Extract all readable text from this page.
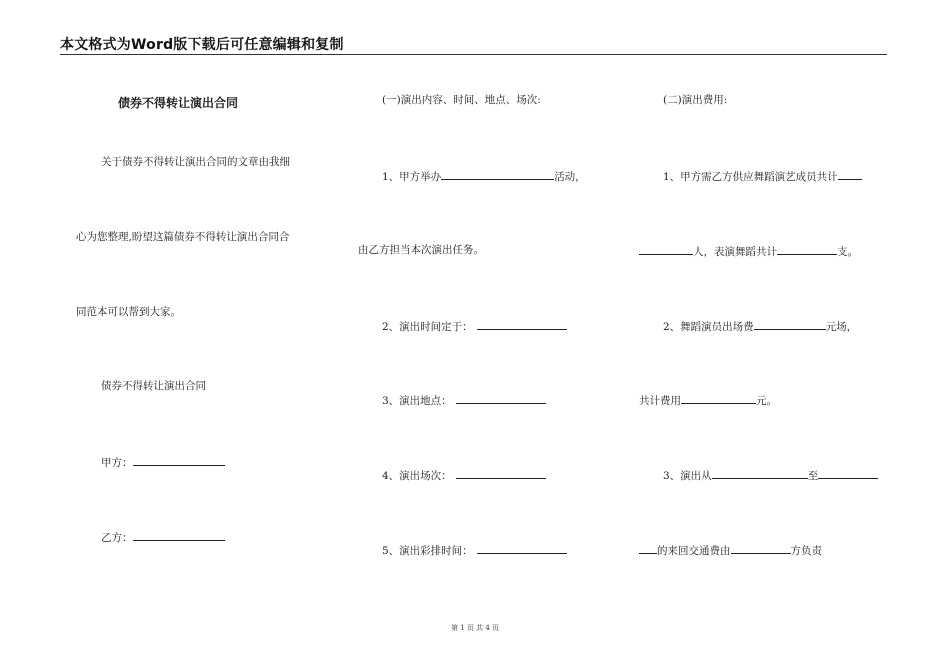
本文格式为Word版下载后可任意编辑和复制
债券不得转让演出合同
关于债券不得转让演出合同的文章由我细
心为您整理,盼望这篇债券不得转让演出合同合
同范本可以帮到大家。
债券不得转让演出合同
甲方：
乙方：
(一)演出内容、时间、地点、场次:
1、甲方举办	活动，
由乙方担当本次演出任务。
2、演出时间定于：
3、演出地点：
4、演出场次：
5、演出彩排时间：
(二)演出费用:
1、甲方需乙方供应舞蹈演艺成员共计
人，表演舞蹈共计	支。
2、舞蹈演员出场费	元场，
共计费用	元。
3、演出从	至
的来回交通费由	方负责
第 1 页 共 4 页
